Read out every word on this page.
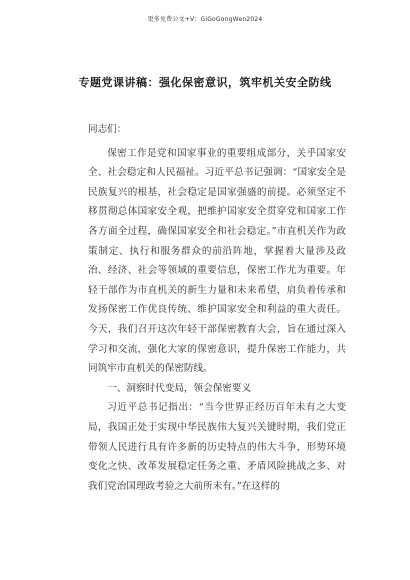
更多免费公文+V：GiGoGongWen2024
专题党课讲稿：强化保密意识，筑牢机关安全防线

同志们：

保密工作是党和国家事业的重要组成部分，关乎国家安全、社会稳定和人民福祉。习近平总书记强调：“国家安全是民族复兴的根基，社会稳定是国家强盛的前提。必须坚定不移贯彻总体国家安全观，把维护国家安全贯穿党和国家工作各方面全过程，确保国家安全和社会稳定。”市直机关作为政策制定、执行和服务群众的前沿阵地，掌握着大量涉及政治、经济、社会等领域的重要信息，保密工作尤为重要。年轻干部作为市直机关的新生力量和未来希望，肩负着传承和发扬保密工作优良传统、维护国家安全和利益的重大责任。今天，我们召开这次年轻干部保密教育大会，旨在通过深入学习和交流，强化大家的保密意识，提升保密工作能力，共同筑牢市直机关的保密防线。

一、洞察时代变局，领会保密要义

习近平总书记指出：“当今世界正经历百年未有之大变局，我国正处于实现中华民族伟大复兴关键时期，我们党正带领人民进行具有许多新的历史特点的伟大斗争，形势环境变化之快、改革发展稳定任务之重、矛盾风险挑战之多、对我们党治国理政考验之大前所未有。”在这样的
